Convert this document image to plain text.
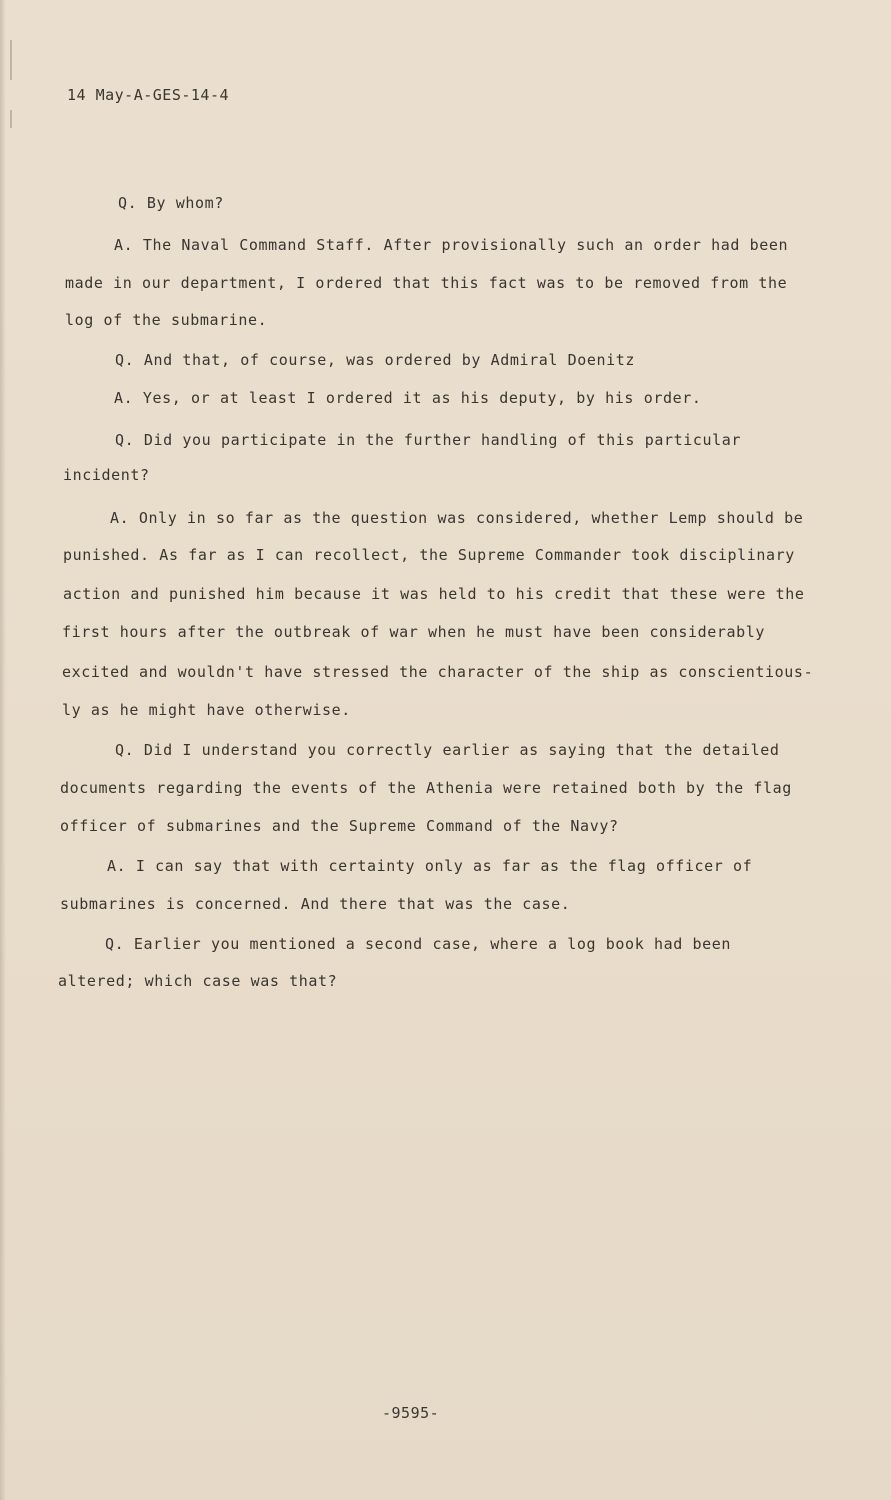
14 May-A-GES-14-4
Q. By whom?
A. The Naval Command Staff. After provisionally such an order had been
made in our department, I ordered that this fact was to be removed from the
log of the submarine.
Q. And that, of course, was ordered by Admiral Doenitz
A. Yes, or at least I ordered it as his deputy, by his order.
Q. Did you participate in the further handling of this particular
incident?
A. Only in so far as the question was considered, whether Lemp should be
punished. As far as I can recollect, the Supreme Commander took disciplinary
action and punished him because it was held to his credit that these were the
first hours after the outbreak of war when he must have been considerably
excited and wouldn't have stressed the character of the ship as conscientious-
ly as he might have otherwise.
Q. Did I understand you correctly earlier as saying that the detailed
documents regarding the events of the Athenia were retained both by the flag
officer of submarines and the Supreme Command of the Navy?
A. I can say that with certainty only as far as the flag officer of
submarines is concerned. And there that was the case.
Q. Earlier you mentioned a second case, where a log book had been
altered; which case was that?
-9595-
